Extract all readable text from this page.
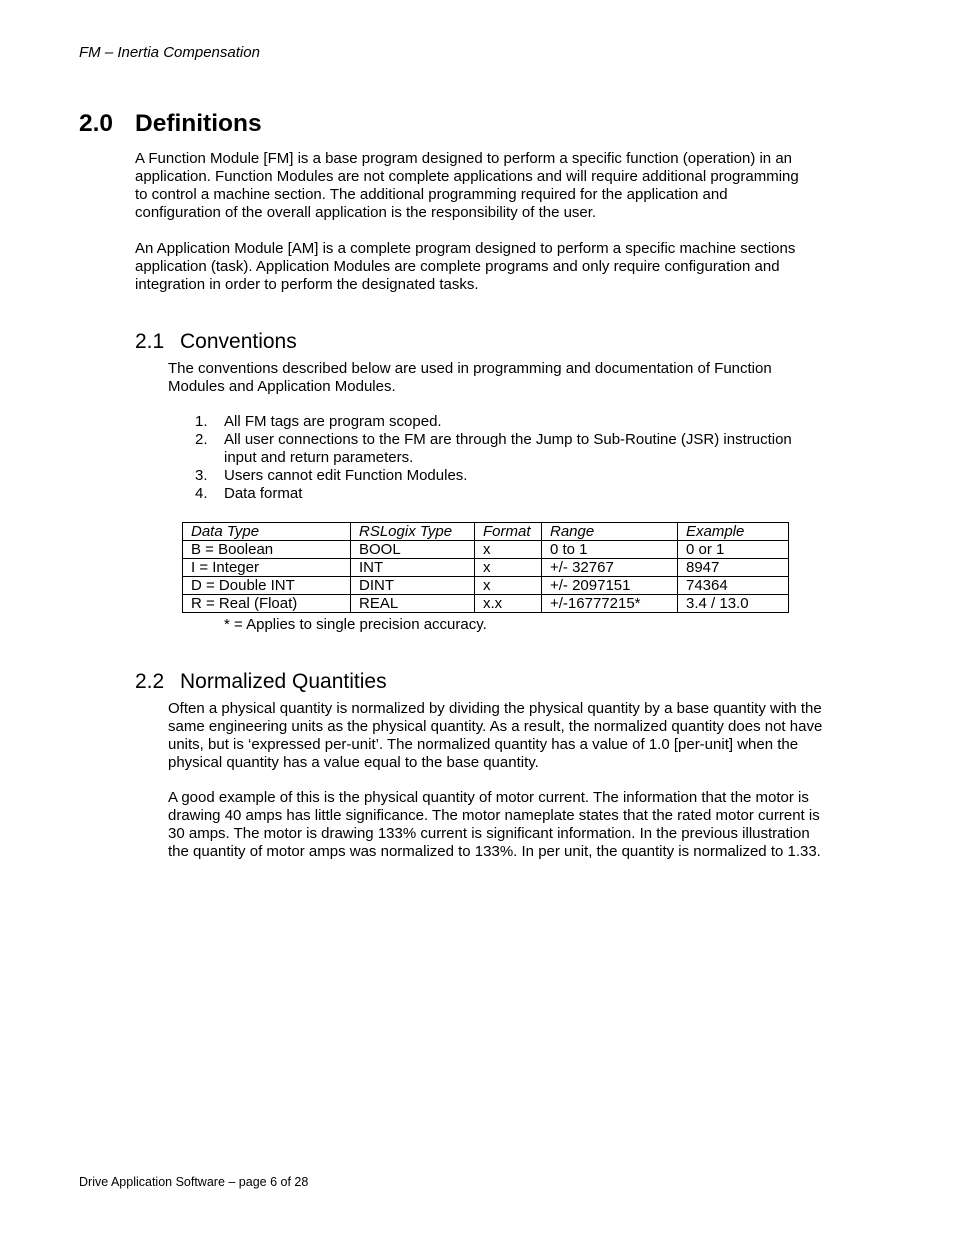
FM – Inertia Compensation
2.0 Definitions

A Function Module [FM] is a base program designed to perform a specific function (operation) in an application. Function Modules are not complete applications and will require additional programming to control a machine section. The additional programming required for the application and configuration of the overall application is the responsibility of the user.

An Application Module [AM] is a complete program designed to perform a specific machine sections application (task). Application Modules are complete programs and only require configuration and integration in order to perform the designated tasks.

2.1 Conventions

The conventions described below are used in programming and documentation of Function Modules and Application Modules.

1. All FM tags are program scoped.
2. All user connections to the FM are through the Jump to Sub-Routine (JSR) instruction input and return parameters.
3. Users cannot edit Function Modules.
4. Data format
Data Type	RSLogix Type	Format	Range	Example
B = Boolean	BOOL	x	0 to 1	0 or 1
I = Integer	INT	x	+/- 32767	8947
D = Double INT	DINT	x	+/- 2097151	74364
R = Real (Float)	REAL	x.x	+/-16777215*	3.4 / 13.0
* = Applies to single precision accuracy.
2.2 Normalized Quantities

Often a physical quantity is normalized by dividing the physical quantity by a base quantity with the same engineering units as the physical quantity. As a result, the normalized quantity does not have units, but is ‘expressed per-unit’. The normalized quantity has a value of 1.0 [per-unit] when the physical quantity has a value equal to the base quantity.

A good example of this is the physical quantity of motor current. The information that the motor is drawing 40 amps has little significance. The motor nameplate states that the rated motor current is 30 amps. The motor is drawing 133% current is significant information. In the previous illustration the quantity of motor amps was normalized to 133%. In per unit, the quantity is normalized to 1.33.

Drive Application Software – page 6 of 28
